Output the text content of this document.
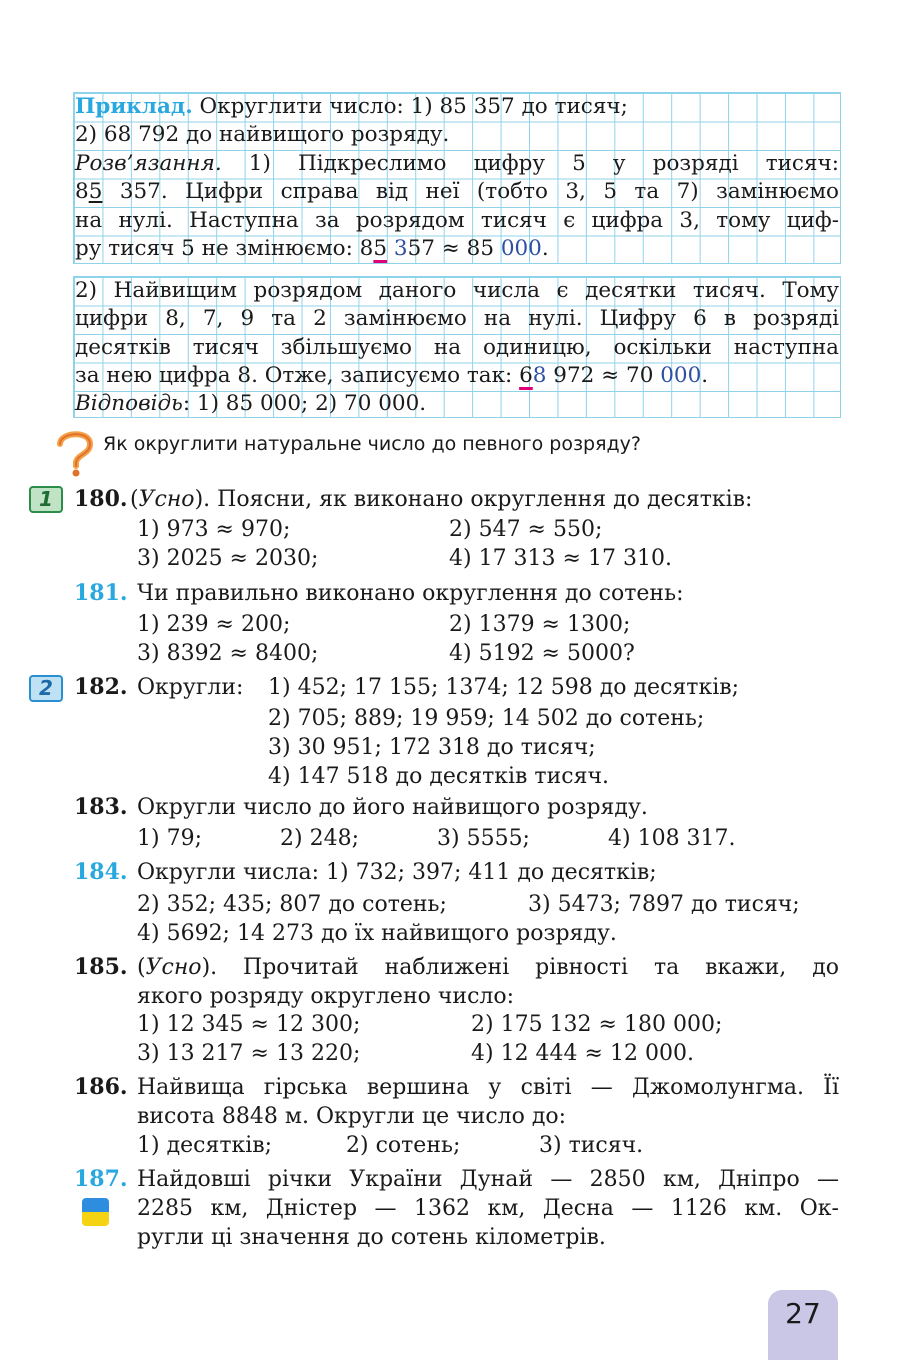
Приклад. Округлити число: 1) 85 357 до тисяч;
2) 68 792 до найвищого розряду.
Розв’язання. 1) Підкреслимо цифру 5 у розряді тисяч:
85 357. Цифри справа від неї (тобто 3, 5 та 7) замінюємо
на нулі. Наступна за розрядом тисяч є цифра 3, тому циф-
ру тисяч 5 не змінюємо: 85 357 ≈ 85 000.
2) Найвищим розрядом даного числа є десятки тисяч. Тому
цифри 8, 7, 9 та 2 замінюємо на нулі. Цифру 6 в розряді
десятків тисяч збільшуємо на одиницю, оскільки наступна
за нею цифра 8. Отже, записуємо так: 68 972 ≈ 70 000.
Відповідь: 1) 85 000; 2) 70 000.
Як округлити натуральне число до певного розряду?
1 180. (Усно). Поясни, як виконано округлення до десятків:
1) 973 ≈ 970;	2) 547 ≈ 550;
3) 2025 ≈ 2030;	4) 17 313 ≈ 17 310.
181. Чи правильно виконано округлення до сотень:
1) 239 ≈ 200;	2) 1379 ≈ 1300;
3) 8392 ≈ 8400;	4) 5192 ≈ 5000?
2 182. Округли: 1) 452; 17 155; 1374; 12 598 до десятків;
2) 705; 889; 19 959; 14 502 до сотень;
3) 30 951; 172 318 до тисяч;
4) 147 518 до десятків тисяч.
183. Округли число до його найвищого розряду.
1) 79;	2) 248;	3) 5555;	4) 108 317.
184. Округли числа: 1) 732; 397; 411 до десятків;
2) 352; 435; 807 до сотень;	3) 5473; 7897 до тисяч;
4) 5692; 14 273 до їх найвищого розряду.
185. (Усно). Прочитай наближені рівності та вкажи, до
якого розряду округлено число:
1) 12 345 ≈ 12 300;	2) 175 132 ≈ 180 000;
3) 13 217 ≈ 13 220;	4) 12 444 ≈ 12 000.
186. Найвища гірська вершина у світі — Джомолунгма. Її
висота 8848 м. Округли це число до:
1) десятків;	2) сотень;	3) тисяч.
187. Найдовші річки України Дунай — 2850 км, Дніпро —
2285 км, Дністер — 1362 км, Десна — 1126 км. Ок-
ругли ці значення до сотень кілометрів.
27
